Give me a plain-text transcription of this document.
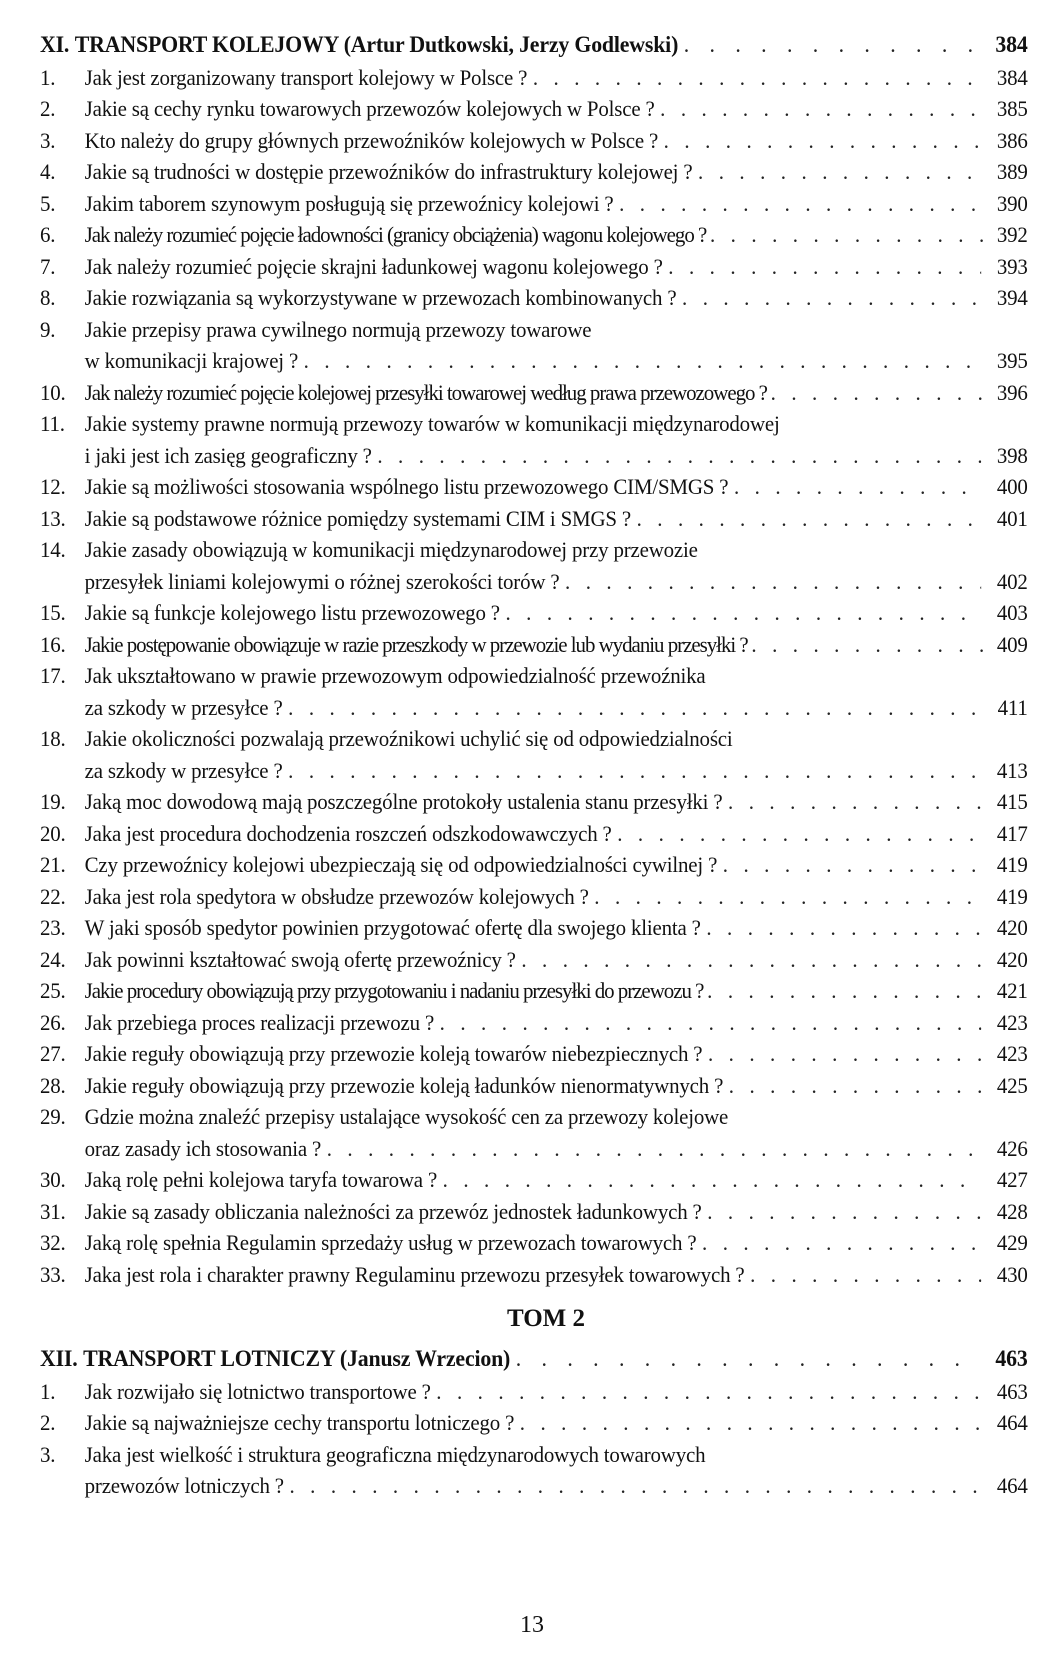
XI. TRANSPORT KOLEJOWY (Artur Dutkowski, Jerzy Godlewski) . . .	384
1.	Jak jest zorganizowany transport kolejowy w Polsce ? . . .	384
2.	Jakie są cechy rynku towarowych przewozów kolejowych w Polsce ? . . .	385
3.	Kto należy do grupy głównych przewoźników kolejowych w Polsce ? . . .	386
4.	Jakie są trudności w dostępie przewoźników do infrastruktury kolejowej ? . . .	389
5.	Jakim taborem szynowym posługują się przewoźnicy kolejowi ? . . .	390
6.	Jak należy rozumieć pojęcie ładowności (granicy obciążenia) wagonu kolejowego ? . . .	392
7.	Jak należy rozumieć pojęcie skrajni ładunkowej wagonu kolejowego ? . . .	393
8.	Jakie rozwiązania są wykorzystywane w przewozach kombinowanych ? . . .	394
9.	Jakie przepisy prawa cywilnego normują przewozy towarowe
w komunikacji krajowej ? . . .	395
10. Jak należy rozumieć pojęcie kolejowej przesyłki towarowej według prawa przewozowego ? . . .	396
11. Jakie systemy prawne normują przewozy towarów w komunikacji międzynarodowej
i jaki jest ich zasięg geograficzny ? . . .	398
12. Jakie są możliwości stosowania wspólnego listu przewozowego CIM/SMGS ? . . .	400
13. Jakie są podstawowe różnice pomiędzy systemami CIM i SMGS ? . . .	401
14. Jakie zasady obowiązują w komunikacji międzynarodowej przy przewozie
przesyłek liniami kolejowymi o różnej szerokości torów ? . . .	402
15. Jakie są funkcje kolejowego listu przewozowego ? . . .	403
16. Jakie postępowanie obowiązuje w razie przeszkody w przewozie lub wydaniu przesyłki ? . . .	409
17. Jak ukształtowano w prawie przewozowym odpowiedzialność przewoźnika
za szkody w przesyłce ? . . .	411
18. Jakie okoliczności pozwalają przewoźnikowi uchylić się od odpowiedzialności
za szkody w przesyłce ? . . .	413
19. Jaką moc dowodową mają poszczególne protokoły ustalenia stanu przesyłki ? . . .	415
20. Jaka jest procedura dochodzenia roszczeń odszkodowawczych ? . . .	417
21. Czy przewoźnicy kolejowi ubezpieczają się od odpowiedzialności cywilnej ? . . .	419
22. Jaka jest rola spedytora w obsłudze przewozów kolejowych ? . . .	419
23. W jaki sposób spedytor powinien przygotować ofertę dla swojego klienta ? . . .	420
24. Jak powinni kształtować swoją ofertę przewoźnicy ? . . .	420
25. Jakie procedury obowiązują przy przygotowaniu i nadaniu przesyłki do przewozu ? . . .	421
26. Jak przebiega proces realizacji przewozu ? . . .	423
27. Jakie reguły obowiązują przy przewozie koleją towarów niebezpiecznych ? . . .	423
28. Jakie reguły obowiązują przy przewozie koleją ładunków nienormatywnych ? . . .	425
29. Gdzie można znaleźć przepisy ustalające wysokość cen za przewozy kolejowe
oraz zasady ich stosowania ? . . .	426
30. Jaką rolę pełni kolejowa taryfa towarowa ? . . .	427
31. Jakie są zasady obliczania należności za przewóz jednostek ładunkowych ? . . .	428
32. Jaką rolę spełnia Regulamin sprzedaży usług w przewozach towarowych ? . . .	429
33. Jaka jest rola i charakter prawny Regulaminu przewozu przesyłek towarowych ? . . .	430
TOM 2
XII. TRANSPORT LOTNICZY (Janusz Wrzecion) . . .	463
1.	Jak rozwijało się lotnictwo transportowe ? . . .	463
2.	Jakie są najważniejsze cechy transportu lotniczego ? . . .	464
3.	Jaka jest wielkość i struktura geograficzna międzynarodowych towarowych
przewozów lotniczych ? . . .	464
13
